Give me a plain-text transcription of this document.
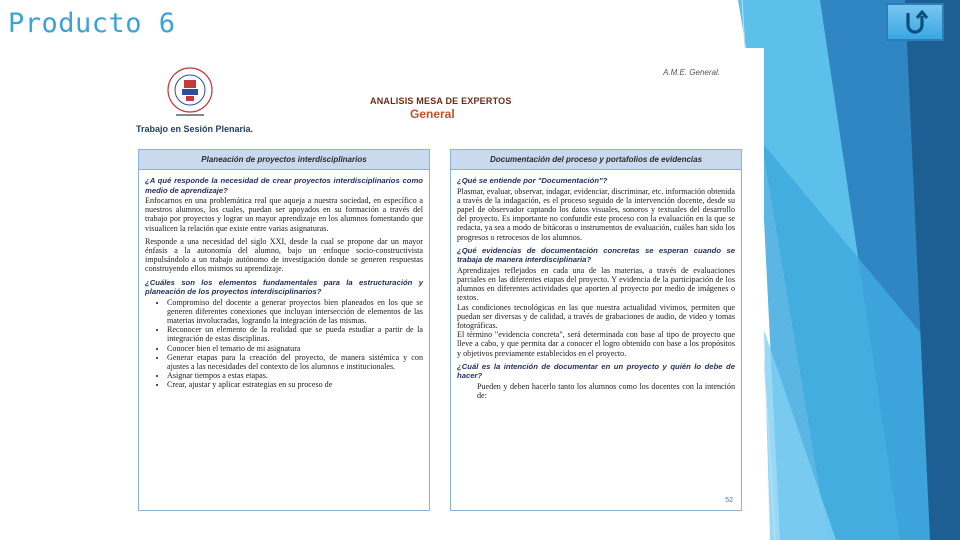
Producto 6
A.M.E. General.
Trabajo en Sesión Plenaria.
ANALISIS MESA DE EXPERTOS
General
Planeación de proyectos interdisciplinarios

¿A qué responde la necesidad de crear proyectos interdisciplinarios como medio de aprendizaje?

Enfocarnos en una problemática real que aqueja a nuestra sociedad, en específico a nuestros alumnos, los cuales, puedan ser apoyados en su formación a través del trabajo por proyectos y lograr un mayor aprendizaje en los alumnos fomentando que visualicen la relación que existe entre varias asignaturas.

Responde a una necesidad del siglo XXI, desde la cual se propone dar un mayor énfasis a la autonomía del alumno, bajo un enfoque socio-constructivista impulsándolo a un trabajo autónomo de investigación donde se generen respuestas construyendo ellos mismos su aprendizaje.

¿Cuáles son los elementos fundamentales para la estructuración y planeación de los proyectos interdisciplinarios?

• Compromiso del docente a generar proyectos bien planeados en los que se generen diferentes conexiones que incluyan intersección de elementos de las materias involucradas, logrando la integración de las mismas.
• Reconocer un elemento de la realidad que se pueda estudiar a partir de la integración de estas disciplinas.
• Conocer bien el temario de mi asignatura
• Generar etapas para la creación del proyecto, de manera sistémica y con ajustes a las necesidades del contexto de los alumnos e institucionales.
• Asignar tiempos a estas etapas.
• Crear, ajustar y aplicar estrategias en su proceso de
Documentación del proceso y portafolios de evidencias

¿Qué se entiende por "Documentación"?

Plasmar, evaluar, observar, indagar, evidenciar, discriminar, etc. información obtenida a través de la indagación, es el proceso seguido de la intervención docente, desde su papel de observador captando los datos visuales, sonoros y textuales del desarrollo del proyecto. Es importante no confundir este proceso con la evaluación en la que se redacta, ya sea a modo de bitácoras o instrumentos de evaluación, cuáles han sido los progresos o retrocesos de los alumnos.

¿Qué evidencias de documentación concretas se esperan cuando se trabaja de manera interdisciplinaria?

Aprendizajes reflejados en cada una de las materias, a través de evaluaciones parciales en las diferentes etapas del proyecto. Y evidencia de la participación de los alumnos en diferentes actividades que aporten al proyecto por medio de imágenes o textos.

Las condiciones tecnológicas en las que nuestra actualidad vivimos, permiten que puedan ser diversas y de calidad, a través de grabaciones de audio, de video y tomas fotográficas.

El término "evidencia concreta", será determinada con base al tipo de proyecto que lleve a cabo, y que permita dar a conocer el logro obtenido con base a los propósitos y objetivos previamente establecidos en el proyecto.

¿Cuál es la intención de documentar en un proyecto y quién lo debe de hacer?

Pueden y deben hacerlo tanto los alumnos como los docentes con la intención de:

52
